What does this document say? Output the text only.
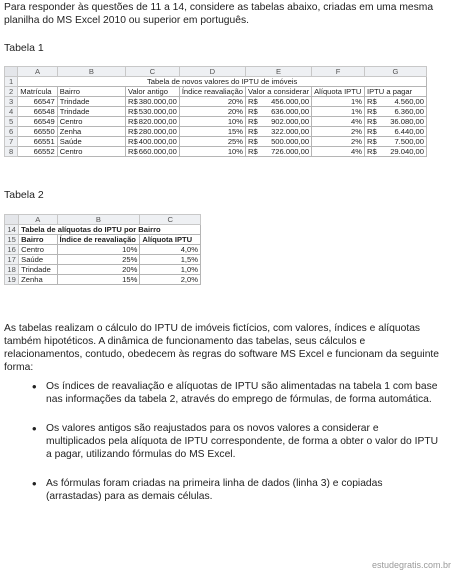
Para responder às questões de 11 a 14, considere as tabelas abaixo, criadas em uma mesma planilha do MS Excel 2010 ou superior em português.
Tabela 1
	A	B	C	D	E	F	G
1	Tabela de novos valores do IPTU de imóveis						
2	Matrícula	Bairro	Valor antigo	Índice reavaliação	Valor a considerar	Alíquota IPTU	IPTU a pagar
3	66547	Trindade	R$ 380.000,00	20%	R$ 456.000,00	1%	R$ 4.560,00

4	66548	Trindade	R$ 530.000,00	20%	R$ 636.000,00	1%	R$ 6.360,00

5	66549	Centro	R$ 820.000,00	10%	R$ 902.000,00	4%	R$ 36.080,00

6	66550	Zenha	R$ 280.000,00	15%	R$ 322.000,00	2%	R$ 6.440,00

7	66551	Saúde	R$ 400.000,00	25%	R$ 500.000,00	2%	R$ 7.500,00

8	66552	Centro	R$ 660.000,00	10%	R$ 726.000,00	4%	R$ 29.040,00
Tabela 2
	A	B	C
14	Tabela de alíquotas do IPTU por Bairro		
15	Bairro	Índice de reavaliação	Alíquota IPTU
16	Centro	10%	4,0%
17	Saúde	25%	1,5%
18	Trindade	20%	1,0%
19	Zenha	15%	2,0%
As tabelas realizam o cálculo do IPTU de imóveis fictícios, com valores, índices e alíquotas também hipotéticos. A dinâmica de funcionamento das tabelas, seus cálculos e relacionamentos, contudo, obedecem às regras do software MS Excel e funcionam da seguinte forma:
• Os índices de reavaliação e alíquotas de IPTU são alimentadas na tabela 1 com base nas informações da tabela 2, através do emprego de fórmulas, de forma automática.
• Os valores antigos são reajustados para os novos valores a considerar e multiplicados pela alíquota de IPTU correspondente, de forma a obter o valor do IPTU a pagar, utilizando fórmulas do MS Excel.
• As fórmulas foram criadas na primeira linha de dados (linha 3) e copiadas (arrastadas) para as demais células.
estudegratis.com.br
